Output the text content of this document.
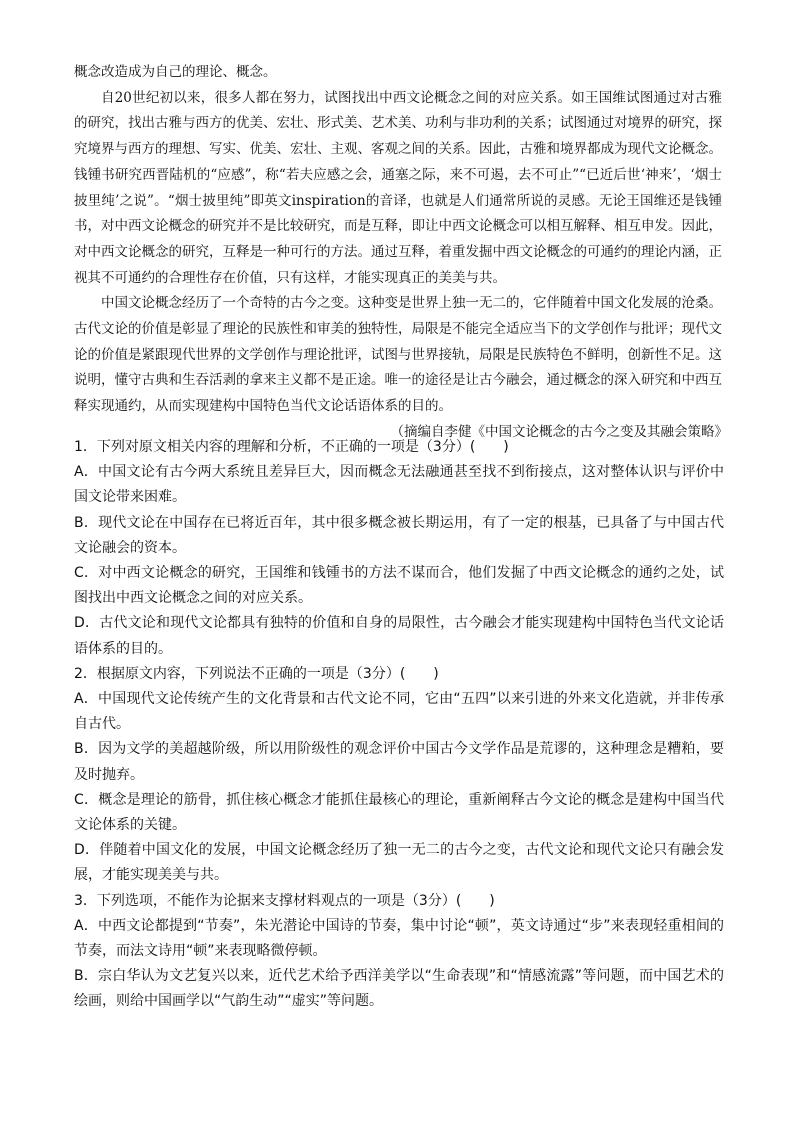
概念改造成为自己的理论、概念。

自20世纪初以来，很多人都在努力，试图找出中西文论概念之间的对应关系。如王国维试图通过对古雅的研究，找出古雅与西方的优美、宏壮、形式美、艺术美、功利与非功利的关系；试图通过对境界的研究，探究境界与西方的理想、写实、优美、宏壮、主观、客观之间的关系。因此，古雅和境界都成为现代文论概念。钱锺书研究西晋陆机的“应感”，称“若夫应感之会，通塞之际，来不可遏，去不可止”“已近后世‘神来’，‘烟士披里纯’之说”。“烟士披里纯”即英文inspiration的音译，也就是人们通常所说的灵感。无论王国维还是钱锺书，对中西文论概念的研究并不是比较研究，而是互释，即让中西文论概念可以相互解释、相互申发。因此，对中西文论概念的研究，互释是一种可行的方法。通过互释，着重发掘中西文论概念的可通约的理论内涵，正视其不可通约的合理性存在价值，只有这样，才能实现真正的美美与共。

中国文论概念经历了一个奇特的古今之变。这种变是世界上独一无二的，它伴随着中国文化发展的沧桑。古代文论的价值是彰显了理论的民族性和审美的独特性，局限是不能完全适应当下的文学创作与批评；现代文论的价值是紧跟现代世界的文学创作与理论批评，试图与世界接轨，局限是民族特色不鲜明，创新性不足。这说明，懂守古典和生吞活剥的拿来主义都不是正途。唯一的途径是让古今融会，通过概念的深入研究和中西互释实现通约，从而实现建构中国特色当代文论话语体系的目的。

（摘编自李健《中国文论概念的古今之变及其融会策略》

1．下列对原文相关内容的理解和分析，不正确的一项是（3分）(　　)

A．中国文论有古今两大系统且差异巨大，因而概念无法融通甚至找不到衔接点，这对整体认识与评价中国文论带来困难。

B．现代文论在中国存在已将近百年，其中很多概念被长期运用，有了一定的根基，已具备了与中国古代文论融会的资本。

C．对中西文论概念的研究，王国维和钱锺书的方法不谋而合，他们发掘了中西文论概念的通约之处，试图找出中西文论概念之间的对应关系。

D．古代文论和现代文论都具有独特的价值和自身的局限性，古今融会才能实现建构中国特色当代文论话语体系的目的。

2．根据原文内容，下列说法不正确的一项是（3分）(　　)

A．中国现代文论传统产生的文化背景和古代文论不同，它由“五四”以来引进的外来文化造就，并非传承自古代。

B．因为文学的美超越阶级，所以用阶级性的观念评价中国古今文学作品是荒谬的，这种理念是糟粕，要及时抛弃。

C．概念是理论的筋骨，抓住核心概念才能抓住最核心的理论，重新阐释古今文论的概念是建构中国当代文论体系的关键。

D．伴随着中国文化的发展，中国文论概念经历了独一无二的古今之变，古代文论和现代文论只有融会发展，才能实现美美与共。

3．下列选项，不能作为论据来支撑材料观点的一项是（3分）(　　)

A．中西文论都提到“节奏”，朱光潜论中国诗的节奏，集中讨论“顿”，英文诗通过“步”来表现轻重相间的节奏，而法文诗用“顿”来表现略微停顿。

B．宗白华认为文艺复兴以来，近代艺术给予西洋美学以“生命表现”和“情感流露”等问题，而中国艺术的绘画，则给中国画学以“气韵生动”“虚实”等问题。
